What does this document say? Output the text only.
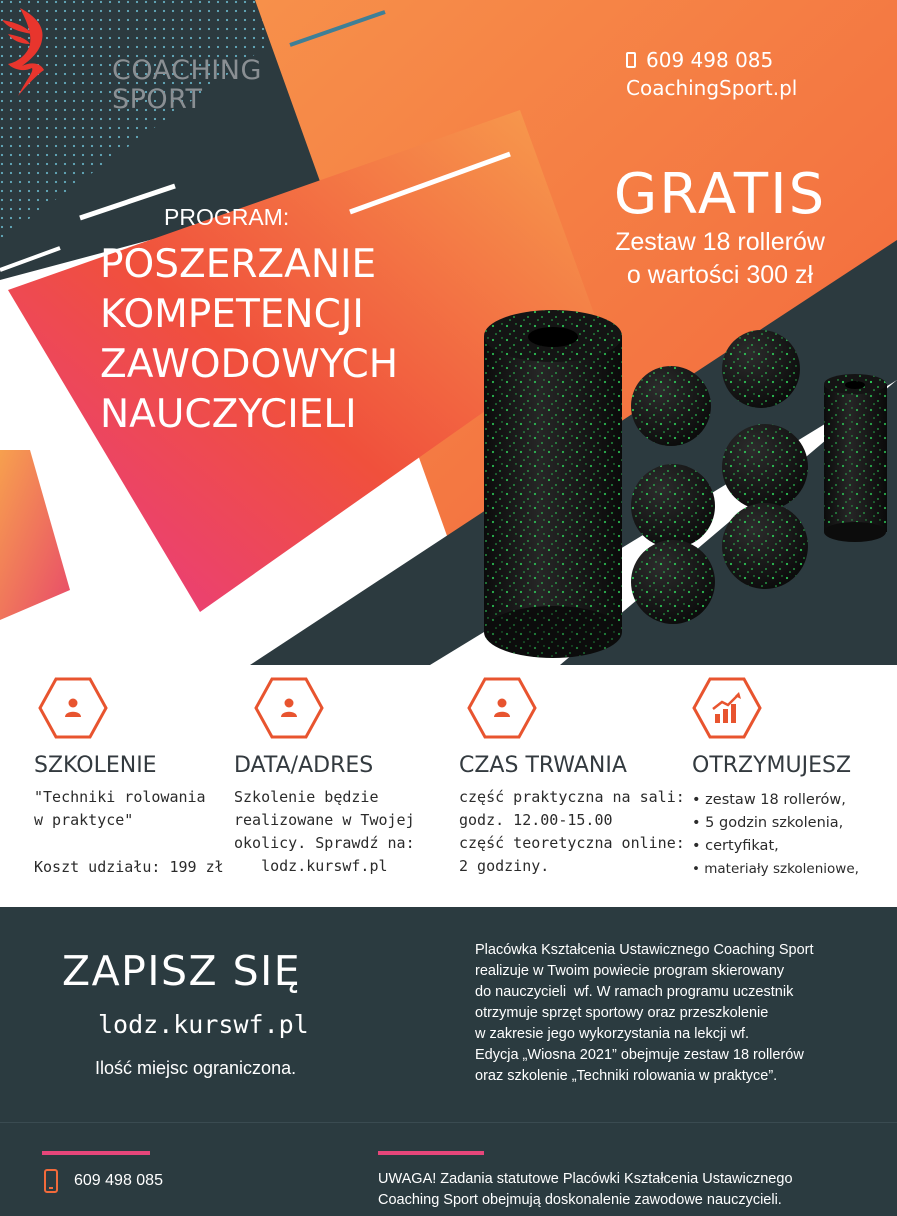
COACHING
SPORT
609 498 085
CoachingSport.pl
GRATIS
Zestaw 18 rollerów
o wartości 300 zł
PROGRAM:
POSZERZANIE
KOMPETENCJI
ZAWODOWYCH
NAUCZYCIELI
SZKOLENIE
"Techniki rolowania
w praktyce"
Koszt udziału: 199 zł
DATA/ADRES
Szkolenie będzie
realizowane w Twojej
okolicy. Sprawdź na:
lodz.kurswf.pl
CZAS TRWANIA
część praktyczna na sali:
godz. 12.00-15.00
część teoretyczna online:
2 godziny.
OTRZYMUJESZ
• zestaw 18 rollerów,
• 5 godzin szkolenia,
• certyfikat,
• materiały szkoleniowe,
ZAPISZ SIĘ
lodz.kurswf.pl
Ilość miejsc ograniczona.
Placówka Kształcenia Ustawicznego Coaching Sport
realizuje w Twoim powiecie program skierowany
do nauczycieli  wf. W ramach programu uczestnik
otrzymuje sprzęt sportowy oraz przeszkolenie
w zakresie jego wykorzystania na lekcji wf.
Edycja „Wiosna 2021” obejmuje zestaw 18 rollerów
oraz szkolenie „Techniki rolowania w praktyce”.
609 498 085	UWAGA! Zadania statutowe Placówki Kształcenia Ustawicznego
Coaching Sport obejmują doskonalenie zawodowe nauczycieli.
